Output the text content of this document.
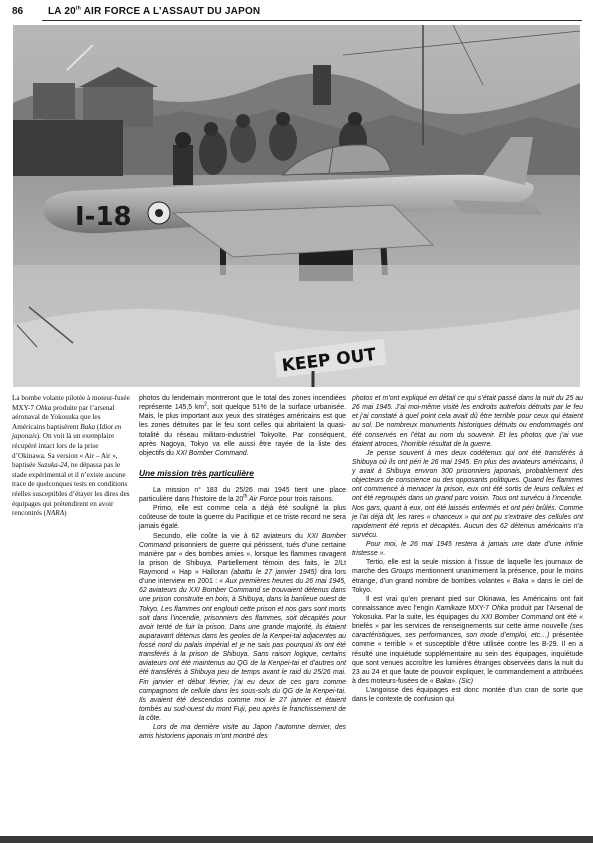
86 LA 20th AIR FORCE A L’ASSAUT DU JAPON
I-18
KEEP OUT
La bombe volante pilotée à moteur-fusée MXY-7 Ohka produite par l’arsenal aéronaval de Yokosuka que les Américains baptisèrent Baka (Idiot en japonais). On voit là un exemplaire récupéré intact lors de la prise d’Okinawa. Sa version « Air – Air », baptisée Suzuka-24, ne dépassa pas le stade expérimental et il n’existe aucune trace de quelconques tests en conditions réelles susceptibles d’étayer les dires des équipages qui prétendirent en avoir rencontrés (NARA)

photos du lendemain montreront que le total des zones incendiées représente 145,5 $km^2$, soit quelque 51% de la surface urbanisée. Mais, le plus important aux yeux des stratèges américains est que les zones détruites par le feu sont celles qui abritaient la quasi-totalité du réseau militaro-industriel Tokyoïte. Par conséquent, après Nagoya, Tokyo va elle aussi être rayée de la liste des objectifs du XXI Bomber Command.

Une mission très particulière

La mission n° 183 du 25/26 mai 1945 tient une place particulière dans l’histoire de la 20th Air Force pour trois raisons.

Primo, elle est comme cela a déjà été souligné la plus coûteuse de toute la guerre du Pacifique et ce triste record ne sera jamais égalé.

Secundo, elle coûte la vie à 62 aviateurs du XXI Bomber Command prisonniers de guerre qui périssent, tués d’une certaine manière par « des bombes amies », lorsque les flammes ravagent la prison de Shibuya. Partiellement témoin des faits, le 2/Lt Raymond « Hap » Halloran (abattu le 27 janvier 1945) dira lors d’une interview en 2001 : « Aux premières heures du 26 mai 1945, 62 aviateurs du XXI Bomber Command se trouvaient détenus dans une prison construite en bois, à Shibuya, dans la banlieue ouest de Tokyo. Les flammes ont englouti cette prison et nos gars sont morts soit dans l’incendie, prisonniers des flammes, soit décapités pour avoir tenté de fuir la prison. Dans une grande majorité, ils étaient auparavant détenus dans les geoles de la Kenpei-tai adjacentes au fossé nord du palais impérial et je ne sais pas pourquoi ils ont été transférés à la prison de Shibuya. Sans raison logique, certains aviateurs ont été maintenus au QG de la Kenpei-tai et d’autres ont été transférés à Shibuya peu de temps avant le raid du 25/26 mai. Fin janvier et début février, j’ai eu deux de ces gars comme compagnons de cellule dans les sous-sols du QG de la Kenpei-tai. Ils avaient été descendus comme moi le 27 janvier et étaient tombés au sud-ouest du mont Fuji, peu après le franchissement de la côte.

Lors de ma dernière visite au Japon l’automne dernier, des amis historiens japonais m’ont montré des

photos et m’ont expliqué en détail ce qui s’était passé dans la nuit du 25 au 26 mai 1945. J’ai moi-même visité les endroits autrefois détruits par le feu et j’ai constaté à quel point cela avait dû être terrible pour ceux qui étaient au sol. De nombreux monuments historiques détruits ou endommagés ont été conservés en l’état au nom du souvenir. Et les photos que j’ai vue étaient atroces, l’horrible résultat de la guerre.

Je pense souvent à mes deux codétenus qui ont été transférés à Shibuya où ils ont péri le 26 mai 1945. En plus des aviateurs américains, il y avait à Shibuya environ 300 prisonniers japonais, probablement des objecteurs de conscience ou des opposants politiques. Quand les flammes ont commencé à menacer la prison, eux ont été sortis de leurs cellules et ont été regroupés dans un grand parc voisin. Tous ont survécu à l’incendie. Nos gars, quant à eux, ont été laissés enfermés et ont péri brûlés. Comme je l’ai déjà dit, les rares « chanceux » qui ont pu s’extraire des cellules ont rapidement été repris et décapités. Aucun des 62 détenus américains n’a survécu.

Pour moi, le 26 mai 1945 restera à jamais une date d’une infinie tristesse ».

Tertio, elle est la seule mission à l’issue de laquelle les journaux de marche des Groups mentionnent unanimement la présence, pour le moins étrange, d’un grand nombre de bombes volantes « Baka » dans le ciel de Tokyo.

Il est vrai qu’en prenant pied sur Okinawa, les Américains ont fait connaissance avec l’engin Kamikaze MXY-7 Ohka produit par l’Arsenal de Yokosuka. Par la suite, les équipages du XXI Bomber Command ont été « briefés » par les services de renseignements sur cette arme nouvelle (ses caractéristiques, ses performances, son mode d’emploi, etc…) présentée comme « terrible » et susceptible d’être utilisée contre les B-29. Il en a résulté une inquiétude supplémentaire au sein des équipages, inquiétude que sont venues accroître les lumières étranges observées dans la nuit du 23 au 24 et que faute de pouvoir expliquer, le commandement a attribuées à des moteurs-fusées de « Baka». (Sic)

L’angoisse des équipages est donc montée d’un cran de sorte que dans le contexte de confusion qui
